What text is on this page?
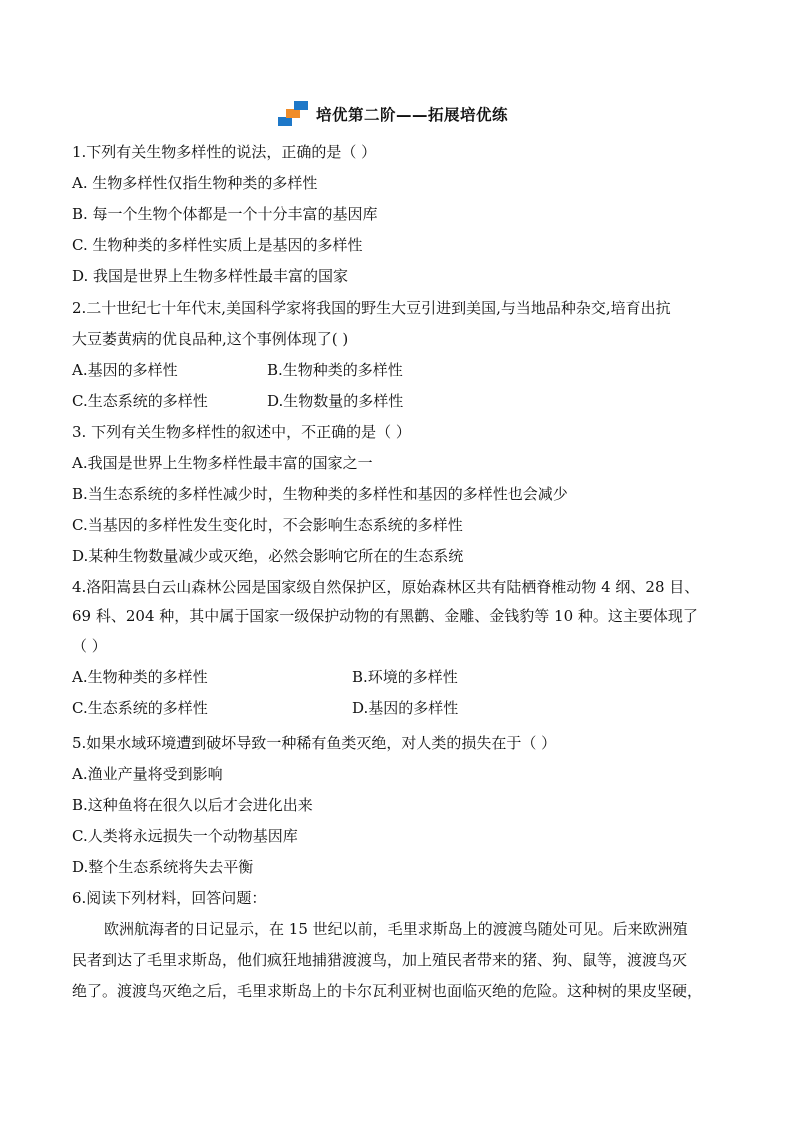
培优第二阶——拓展培优练
1.下列有关生物多样性的说法，正确的是（ ）
A. 生物多样性仅指生物种类的多样性
B. 每一个生物个体都是一个十分丰富的基因库
C. 生物种类的多样性实质上是基因的多样性
D. 我国是世界上生物多样性最丰富的国家
2.二十世纪七十年代末,美国科学家将我国的野生大豆引进到美国,与当地品种杂交,培育出抗
大豆萎黄病的优良品种,这个事例体现了( )
A.基因的多样性	B.生物种类的多样性
C.生态系统的多样性	D.生物数量的多样性
3. 下列有关生物多样性的叙述中，不正确的是（ ）
A.我国是世界上生物多样性最丰富的国家之一
B.当生态系统的多样性减少时，生物种类的多样性和基因的多样性也会减少
C.当基因的多样性发生变化时，不会影响生态系统的多样性
D.某种生物数量减少或灭绝，必然会影响它所在的生态系统
4.洛阳嵩县白云山森林公园是国家级自然保护区，原始森林区共有陆栖脊椎动物 4 纲、28 目、
69 科、204 种，其中属于国家一级保护动物的有黑鹳、金雕、金钱豹等 10 种。这主要体现了
（ ）
A.生物种类的多样性	B.环境的多样性
C.生态系统的多样性	D.基因的多样性
5.如果水域环境遭到破坏导致一种稀有鱼类灭绝，对人类的损失在于（ ）
A.渔业产量将受到影响
B.这种鱼将在很久以后才会进化出来
C.人类将永远损失一个动物基因库
D.整个生态系统将失去平衡
6.阅读下列材料，回答问题：
欧洲航海者的日记显示，在 15 世纪以前，毛里求斯岛上的渡渡鸟随处可见。后来欧洲殖
民者到达了毛里求斯岛，他们疯狂地捕猎渡渡鸟，加上殖民者带来的猪、狗、鼠等，渡渡鸟灭
绝了。渡渡鸟灭绝之后，毛里求斯岛上的卡尔瓦利亚树也面临灭绝的危险。这种树的果皮坚硬，
